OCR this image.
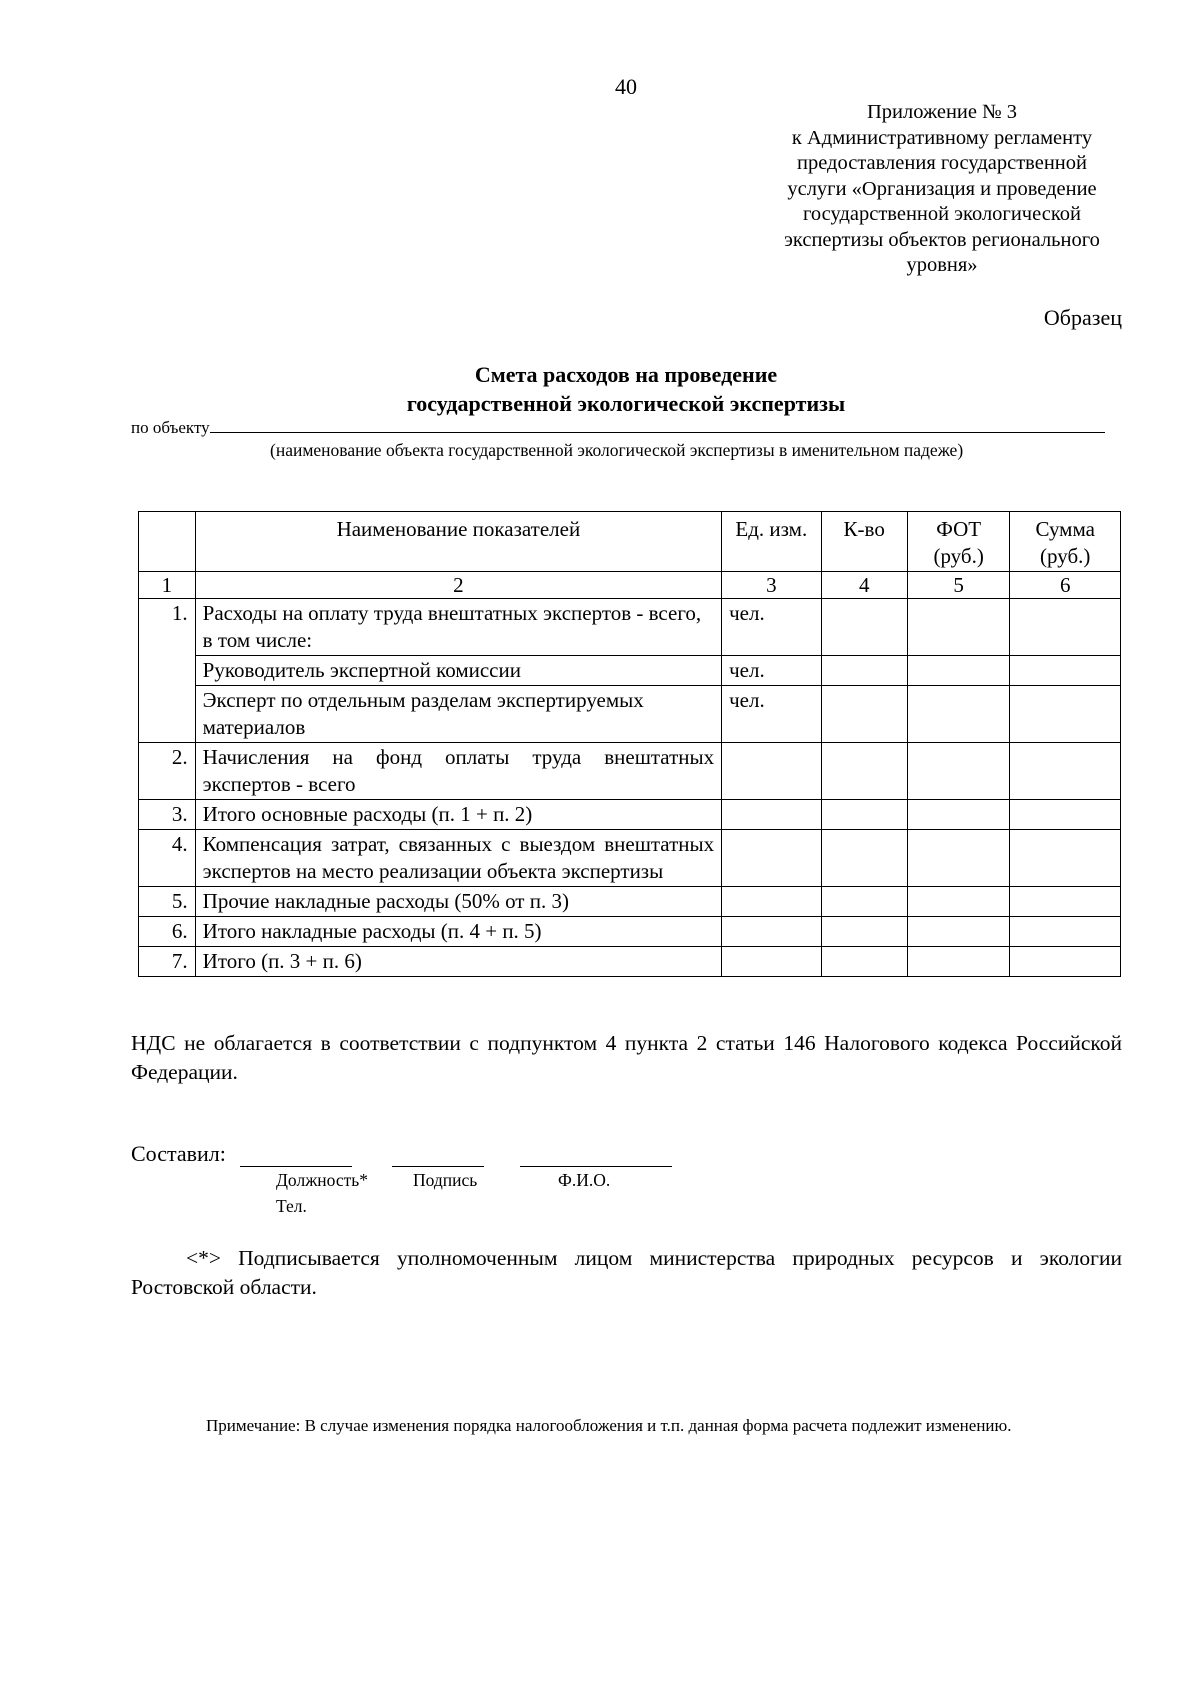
40
Приложение № 3
к Административному регламенту
предоставления государственной
услуги «Организация и проведение
государственной экологической
экспертизы объектов регионального
уровня»
Образец
Смета расходов на проведение
государственной экологической экспертизы
по объекту
(наименование объекта государственной экологической экспертизы в именительном падеже)
	Наименование показателей	Ед. изм.	К-во	ФОТ (руб.)	Сумма (руб.)
1	2	3	4	5	6
1.	Расходы на оплату труда внештатных экспертов - всего, в том числе:	чел.			
	Руководитель экспертной комиссии	чел.			
	Эксперт по отдельным разделам экспертируемых материалов	чел.			
2.	Начисления на фонд оплаты труда внештатных экспертов - всего				
3.	Итого основные расходы (п. 1 + п. 2)				
4.	Компенсация затрат, связанных с выездом внештатных экспертов на место реализации объекта экспертизы				
5.	Прочие накладные расходы (50% от п. 3)				
6.	Итого накладные расходы (п. 4 + п. 5)				
7.	Итого (п. 3 + п. 6)				
НДС не облагается в соответствии с подпунктом 4 пункта 2 статьи 146 Налогового кодекса Российской Федерации.
Составил:
Должность*	Подпись	Ф.И.О.
Тел.
<*> Подписывается уполномоченным лицом министерства природных ресурсов и экологии Ростовской области.
Примечание: В случае изменения порядка налогообложения и т.п. данная форма расчета подлежит изменению.
